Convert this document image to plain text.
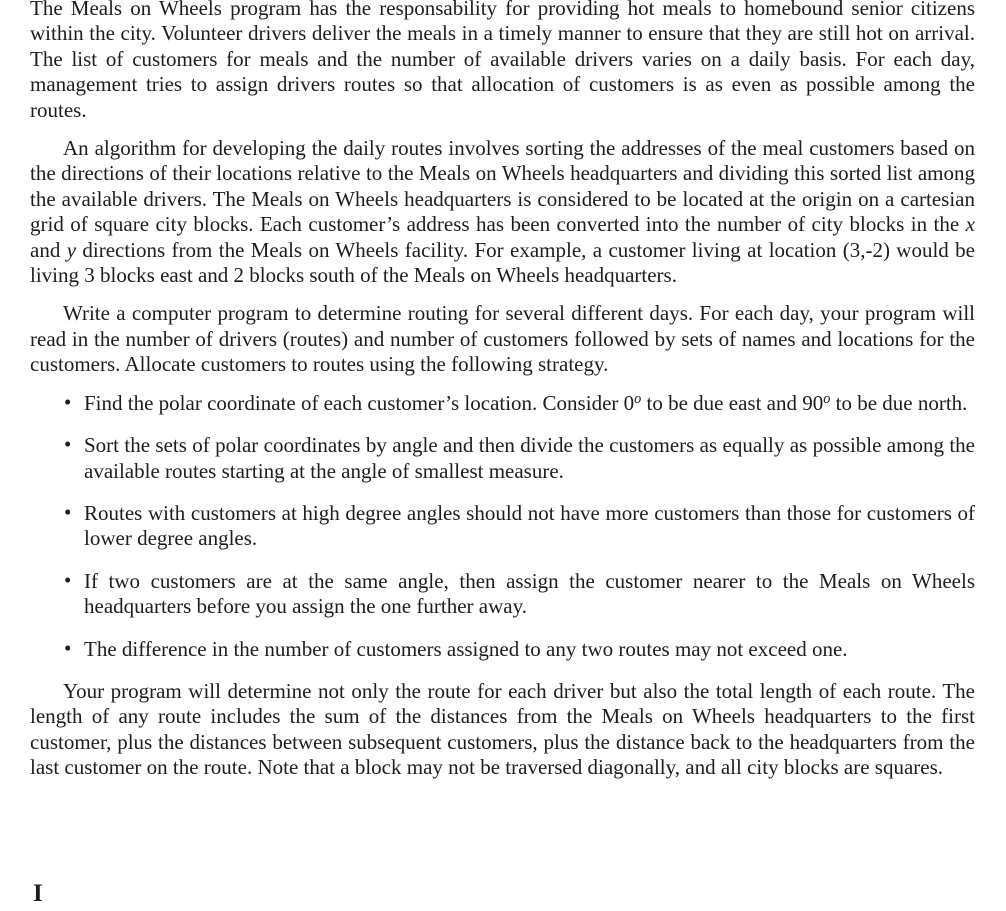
The Meals on Wheels program has the responsability for providing hot meals to homebound senior citizens within the city. Volunteer drivers deliver the meals in a timely manner to ensure that they are still hot on arrival. The list of customers for meals and the number of available drivers varies on a daily basis. For each day, management tries to assign drivers routes so that allocation of customers is as even as possible among the routes.

An algorithm for developing the daily routes involves sorting the addresses of the meal customers based on the directions of their locations relative to the Meals on Wheels headquarters and dividing this sorted list among the available drivers. The Meals on Wheels headquarters is considered to be located at the origin on a cartesian grid of square city blocks. Each customer’s address has been converted into the number of city blocks in the x and y directions from the Meals on Wheels facility. For example, a customer living at location (3,-2) would be living 3 blocks east and 2 blocks south of the Meals on Wheels headquarters.

Write a computer program to determine routing for several different days. For each day, your program will read in the number of drivers (routes) and number of customers followed by sets of names and locations for the customers. Allocate customers to routes using the following strategy.

• Find the polar coordinate of each customer’s location. Consider 0$^o$ to be due east and 90$^o$ to be due north.
• Sort the sets of polar coordinates by angle and then divide the customers as equally as possible among the available routes starting at the angle of smallest measure.
• Routes with customers at high degree angles should not have more customers than those for customers of lower degree angles.
• If two customers are at the same angle, then assign the customer nearer to the Meals on Wheels headquarters before you assign the one further away.
• The difference in the number of customers assigned to any two routes may not exceed one.

Your program will determine not only the route for each driver but also the total length of each route. The length of any route includes the sum of the distances from the Meals on Wheels headquarters to the first customer, plus the distances between subsequent customers, plus the distance back to the headquarters from the last customer on the route. Note that a block may not be traversed diagonally, and all city blocks are squares.

I
